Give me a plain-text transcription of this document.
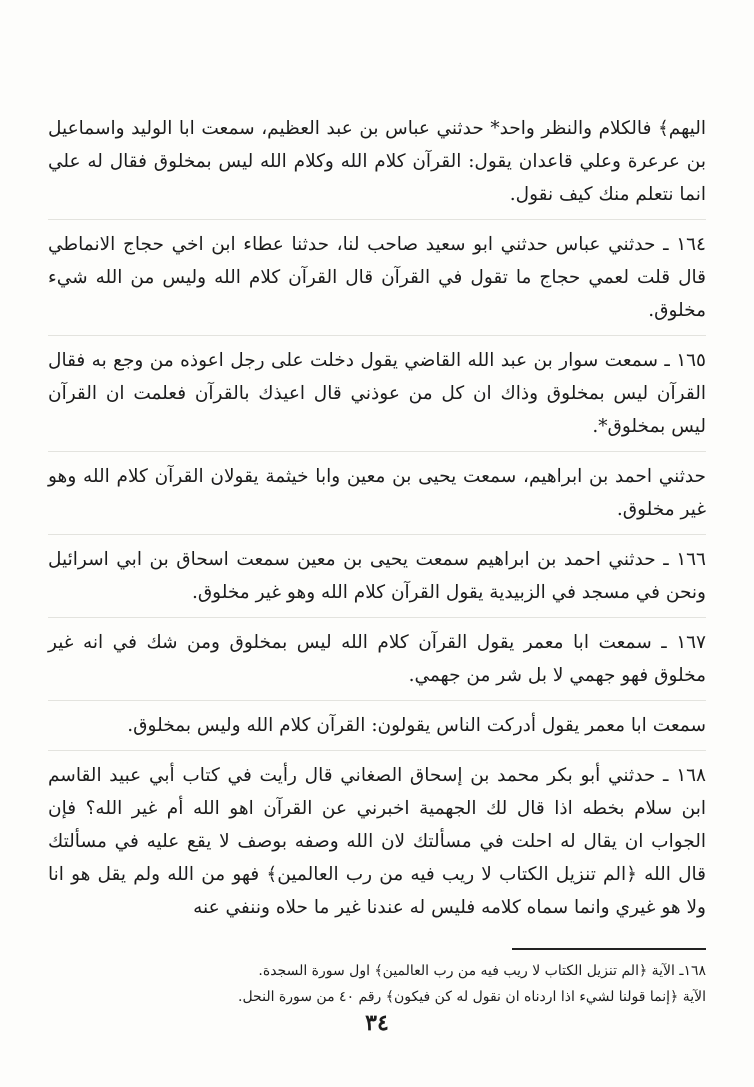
اليهم﴾ فالكلام والنظر واحد* حدثني عباس بن عبد العظيم، سمعت ابا الوليد واسماعيل بن عرعرة وعلي قاعدان يقول: القرآن كلام الله وكلام الله ليس بمخلوق فقال له علي انما نتعلم منك كيف نقول.

١٦٤ ـ حدثني عباس حدثني ابو سعيد صاحب لنا، حدثنا عطاء ابن اخي حجاج الانماطي قال قلت لعمي حجاج ما تقول في القرآن قال القرآن كلام الله وليس من الله شيء مخلوق.

١٦٥ ـ سمعت سوار بن عبد الله القاضي يقول دخلت على رجل اعوذه من وجع به فقال القرآن ليس بمخلوق وذاك ان كل من عوذني قال اعيذك بالقرآن فعلمت ان القرآن ليس بمخلوق*.

حدثني احمد بن ابراهيم، سمعت يحيى بن معين وابا خيثمة يقولان القرآن كلام الله وهو غير مخلوق.

١٦٦ ـ حدثني احمد بن ابراهيم سمعت يحيى بن معين سمعت اسحاق بن ابي اسرائيل ونحن في مسجد في الزبيدية يقول القرآن كلام الله وهو غير مخلوق.

١٦٧ ـ سمعت ابا معمر يقول القرآن كلام الله ليس بمخلوق ومن شك في انه غير مخلوق فهو جهمي لا بل شر من جهمي.

سمعت ابا معمر يقول أدركت الناس يقولون: القرآن كلام الله وليس بمخلوق.

١٦٨ ـ حدثني أبو بكر محمد بن إسحاق الصغاني قال رأيت في كتاب أبي عبيد القاسم ابن سلام بخطه اذا قال لك الجهمية اخبرني عن القرآن اهو الله أم غير الله؟ فإن الجواب ان يقال له احلت في مسألتك لان الله وصفه بوصف لا يقع عليه في مسألتك قال الله ﴿الم تنزيل الكتاب لا ريب فيه من رب العالمين﴾ فهو من الله ولم يقل هو انا ولا هو غيري وانما سماه كلامه فليس له عندنا غير ما حلاه وننفي عنه

١٦٨ـ الآية ﴿الم تنزيل الكتاب لا ريب فيه من رب العالمين﴾ اول سورة السجدة.

الآية ﴿إنما قولنا لشيء اذا اردناه ان نقول له كن فيكون﴾ رقم ٤٠ من سورة النحل.

٣٤
